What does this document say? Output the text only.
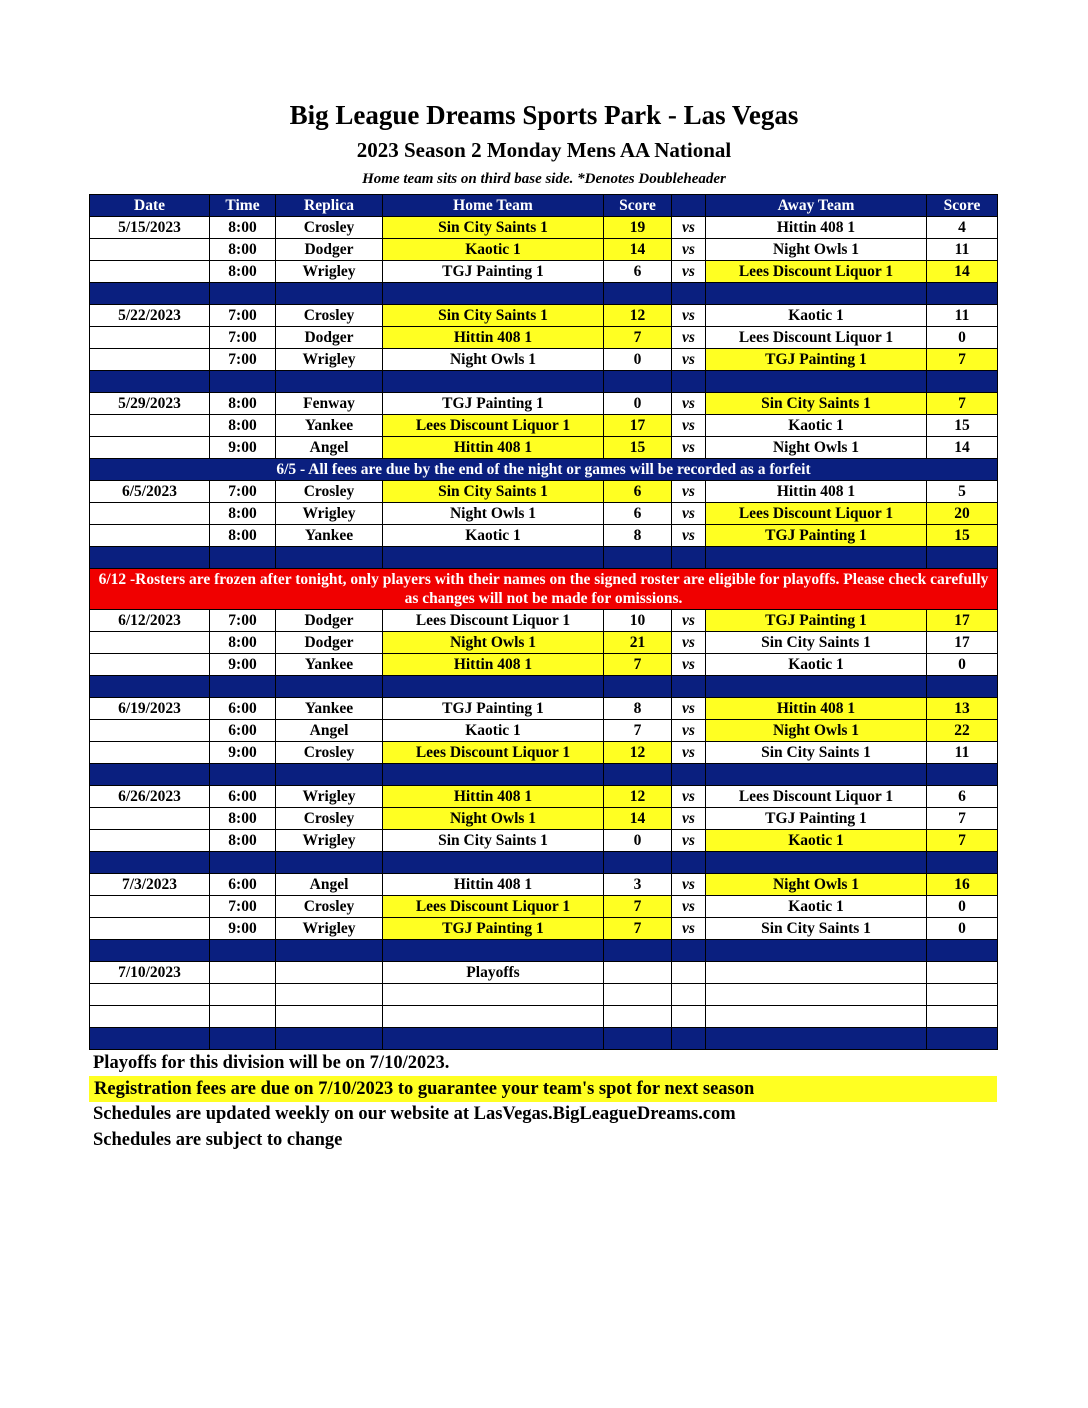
Big League Dreams Sports Park - Las Vegas
2023 Season 2 Monday Mens AA National
Home team sits on third base side. *Denotes Doubleheader
Date	Time	Replica	Home Team	Score		Away Team	Score
5/15/2023	8:00	Crosley	Sin City Saints 1	19	vs	Hittin 408 1	4
	8:00	Dodger	Kaotic 1	14	vs	Night Owls 1	11
	8:00	Wrigley	TGJ Painting 1	6	vs	Lees Discount Liquor 1	14

5/22/2023	7:00	Crosley	Sin City Saints 1	12	vs	Kaotic 1	11
	7:00	Dodger	Hittin 408 1	7	vs	Lees Discount Liquor 1	0
	7:00	Wrigley	Night Owls 1	0	vs	TGJ Painting 1	7

5/29/2023	8:00	Fenway	TGJ Painting 1	0	vs	Sin City Saints 1	7
	8:00	Yankee	Lees Discount Liquor 1	17	vs	Kaotic 1	15
	9:00	Angel	Hittin 408 1	15	vs	Night Owls 1	14
6/5 - All fees are due by the end of the night or games will be recorded as a forfeit							
6/5/2023	7:00	Crosley	Sin City Saints 1	6	vs	Hittin 408 1	5
	8:00	Wrigley	Night Owls 1	6	vs	Lees Discount Liquor 1	20
	8:00	Yankee	Kaotic 1	8	vs	TGJ Painting 1	15

6/12 -Rosters are frozen after tonight, only players with their names on the signed roster are eligible for playoffs. Please check carefully as changes will not be made for omissions.							
6/12/2023	7:00	Dodger	Lees Discount Liquor 1	10	vs	TGJ Painting 1	17
	8:00	Dodger	Night Owls 1	21	vs	Sin City Saints 1	17
	9:00	Yankee	Hittin 408 1	7	vs	Kaotic 1	0

6/19/2023	6:00	Yankee	TGJ Painting 1	8	vs	Hittin 408 1	13
	6:00	Angel	Kaotic 1	7	vs	Night Owls 1	22
	9:00	Crosley	Lees Discount Liquor 1	12	vs	Sin City Saints 1	11

6/26/2023	6:00	Wrigley	Hittin 408 1	12	vs	Lees Discount Liquor 1	6
	8:00	Crosley	Night Owls 1	14	vs	TGJ Painting 1	7
	8:00	Wrigley	Sin City Saints 1	0	vs	Kaotic 1	7

7/3/2023	6:00	Angel	Hittin 408 1	3	vs	Night Owls 1	16
	7:00	Crosley	Lees Discount Liquor 1	7	vs	Kaotic 1	0
	9:00	Wrigley	TGJ Painting 1	7	vs	Sin City Saints 1	0

7/10/2023			Playoffs				

Playoffs for this division will be on 7/10/2023.
Registration fees are due on 7/10/2023 to guarantee your team's spot for next season
Schedules are updated weekly on our website at LasVegas.BigLeagueDreams.com
Schedules are subject to change
